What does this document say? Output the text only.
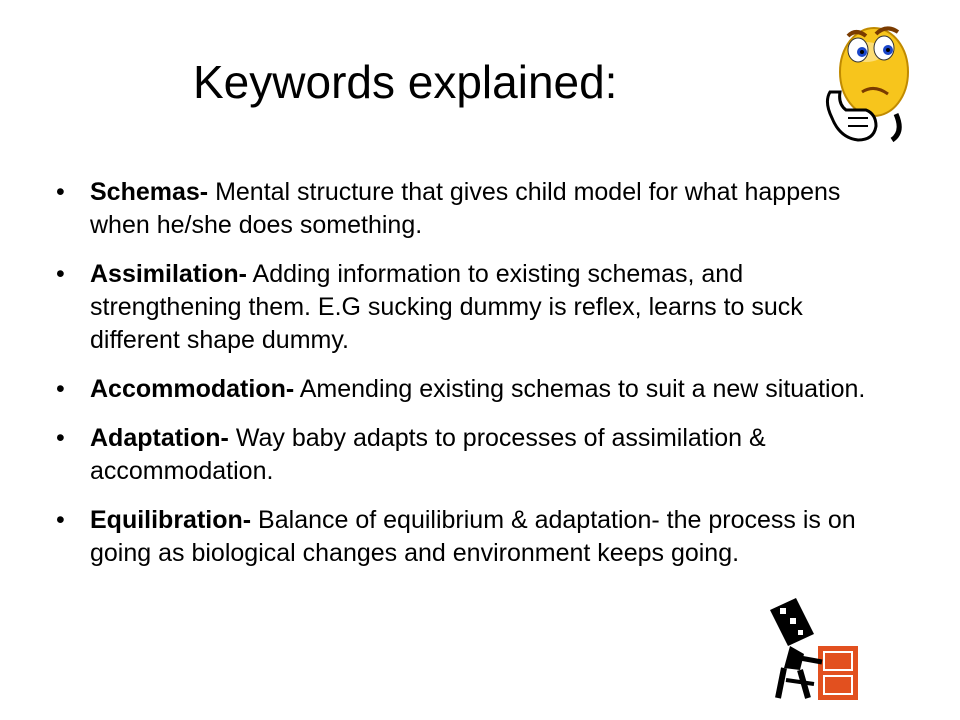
Keywords explained:
• Schemas- Mental structure that gives child model for what happens when he/she does something.
• Assimilation- Adding information to existing schemas, and strengthening them. E.G sucking dummy is reflex, learns to suck different shape dummy.
• Accommodation- Amending existing schemas to suit a new situation.
• Adaptation- Way baby adapts to processes of assimilation & accommodation.
• Equilibration- Balance of equilibrium & adaptation- the process is on going as biological changes and environment keeps going.
